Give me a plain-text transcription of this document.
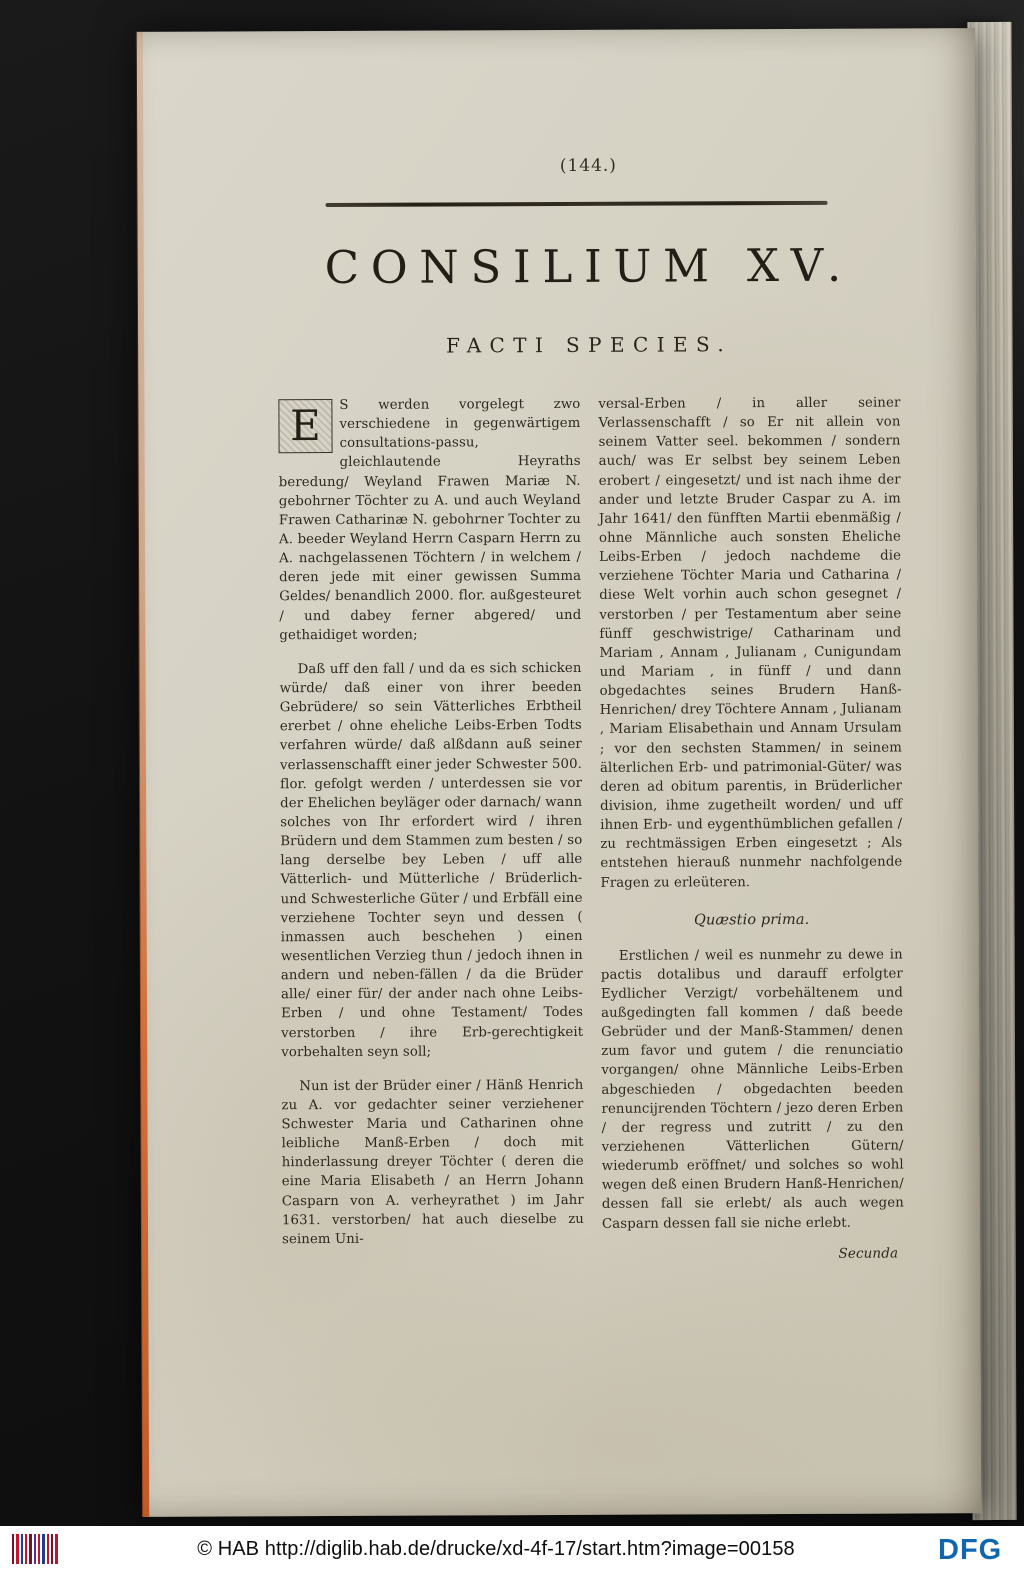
(144.)
CONSILIUM XV.
FACTI SPECIES.

E	S werden vorgelegt zwo verschiedene in gegenwärtigem consultations-passu, gleichlautende Heyraths beredung/ Weyland Frawen Mariæ N. gebohrner Töchter zu A. und auch Weyland Frawen Catharinæ N. gebohrner Tochter zu A. beeder Weyland Herrn Casparn Herrn zu A. nachgelassenen Töchtern / in welchem / deren jede mit einer gewissen Summa Geldes/ benandlich 2000. flor. außgesteuret / und dabey ferner abgered/ und gethaidiget worden;

Daß uff den fall / und da es sich schicken würde/ daß einer von ihrer beeden Gebrüdere/ so sein Vätterliches Erbtheil ererbet / ohne eheliche Leibs-Erben Todts verfahren würde/ daß alßdann auß seiner verlassenschafft einer jeder Schwester 500. flor. gefolgt werden / unterdessen sie vor der Ehelichen beyläger oder darnach/ wann solches von Ihr erfordert wird / ihren Brüdern und dem Stammen zum besten / so lang derselbe bey Leben / uff alle Vätterlich- und Mütterliche / Brüderlich- und Schwesterliche Güter / und Erbfäll eine verziehene Tochter seyn und dessen ( inmassen auch beschehen ) einen wesentlichen Verzieg thun / jedoch ihnen in andern und neben-fällen / da die Brüder alle/ einer für/ der ander nach ohne Leibs-Erben / und ohne Testament/ Todes verstorben / ihre Erb-gerechtigkeit vorbehalten seyn soll;

Nun ist der Brüder einer / Hänß Henrich zu A. vor gedachter seiner verziehener Schwester Maria und Catharinen ohne leibliche Manß-Erben / doch mit hinderlassung dreyer Töchter ( deren die eine Maria Elisabeth / an Herrn Johann Casparn von A. verheyrathet ) im Jahr 1631. verstorben/ hat auch dieselbe zu seinem Uni-

versal-Erben / in aller seiner Verlassenschafft / so Er nit allein von seinem Vatter seel. bekommen / sondern auch/ was Er selbst bey seinem Leben erobert / eingesetzt/ und ist nach ihme der ander und letzte Bruder Caspar zu A. im Jahr 1641/ den fünfften Martii ebenmäßig / ohne Männliche auch sonsten Eheliche Leibs-Erben / jedoch nachdeme die verziehene Töchter Maria und Catharina / diese Welt vorhin auch schon gesegnet / verstorben / per Testamentum aber seine fünff geschwistrige/ Catharinam und Mariam , Annam , Julianam , Cunigundam und Mariam , in fünff / und dann obgedachtes seines Brudern Hanß-Henrichen/ drey Töchtere Annam , Julianam , Mariam Elisabethain und Annam Ursulam ; vor den sechsten Stammen/ in seinem älterlichen Erb- und patrimonial-Güter/ was deren ad obitum parentis, in Brüderlicher division, ihme zugetheilt worden/ und uff ihnen Erb- und eygenthümblichen gefallen / zu rechtmässigen Erben eingesetzt ; Als entstehen hierauß nunmehr nachfolgende Fragen zu erleüteren.

Quæstio prima.

Erstlichen / weil es nunmehr zu dewe in pactis dotalibus und darauff erfolgter Eydlicher Verzigt/ vorbehältenem und außgedingten fall kommen / daß beede Gebrüder und der Manß-Stammen/ denen zum favor und gutem / die renunciatio vorgangen/ ohne Männliche Leibs-Erben abgeschieden / obgedachten beeden renuncijrenden Töchtern / jezo deren Erben / der regress und zutritt / zu den verziehenen Vätterlichen Gütern/ wiederumb eröffnet/ und solches so wohl wegen deß einen Brudern Hanß-Henrichen/ dessen fall sie erlebt/ als auch wegen Casparn dessen fall sie niche erlebt.

Secunda

© HAB http://diglib.hab.de/drucke/xd-4f-17/start.htm?image=00158	DFG
